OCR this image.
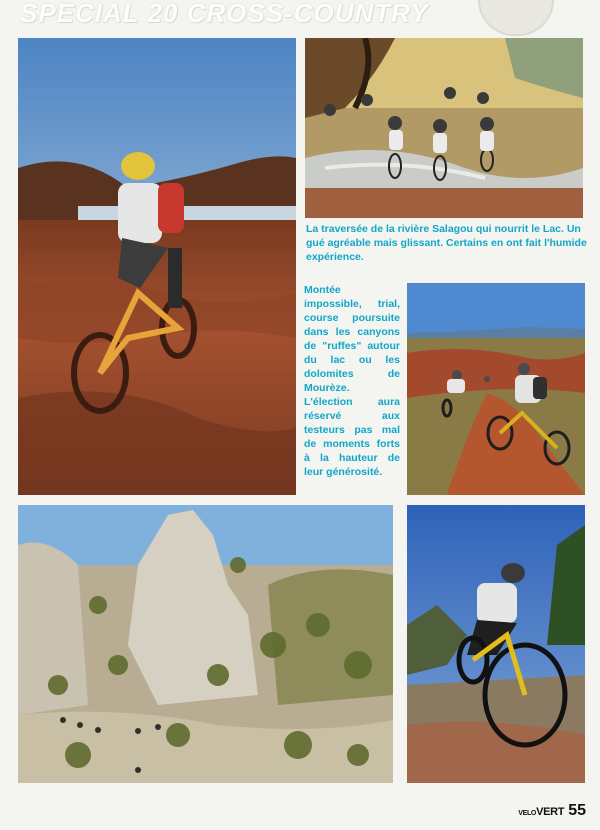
SPECIAL 20 CROSS-COUNTRY
La traversée de la rivière Salagou qui nourrit le Lac. Un gué agréable mais glissant. Certains en ont fait l'humide expérience.
Montée impossible, trial, course poursuite dans les canyons de "ruffes" autour du lac ou les dolomites de Mourèze. L'élection aura réservé aux testeurs pas mal de moments forts à la hauteur de leur générosité.
VELOVERT 55
